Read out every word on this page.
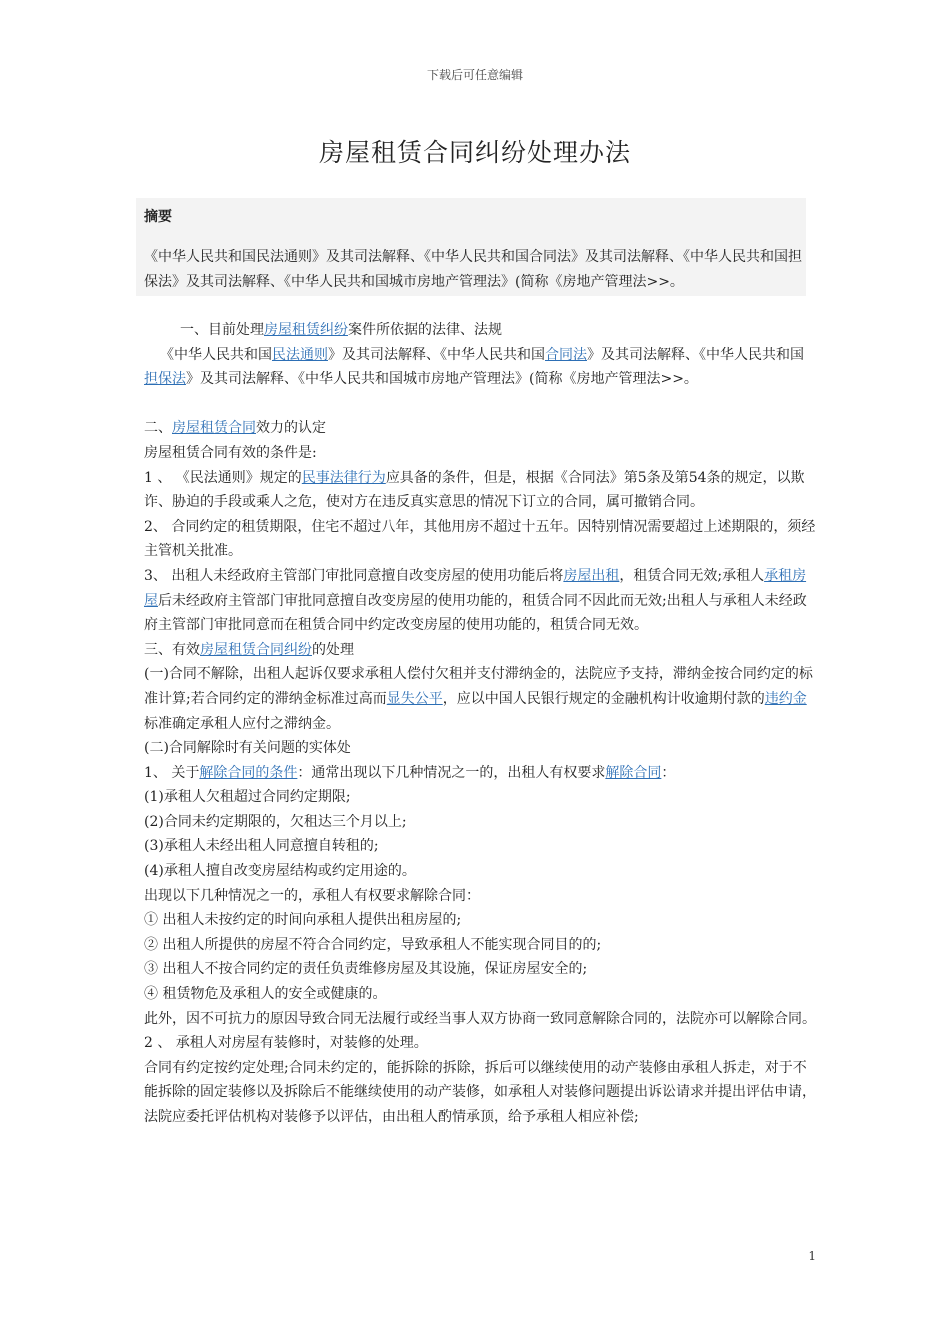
下载后可任意编辑
房屋租赁合同纠纷处理办法
摘要
《中华人民共和国民法通则》及其司法解释、《中华人民共和国合同法》及其司法解释、《中华人民共和国担保法》及其司法解释、《中华人民共和国城市房地产管理法》(简称《房地产管理法>>。

一、目前处理房屋租赁纠纷案件所依据的法律、法规

《中华人民共和国民法通则》及其司法解释、《中华人民共和国合同法》及其司法解释、《中华人民共和国担保法》及其司法解释、《中华人民共和国城市房地产管理法》(简称《房地产管理法>>。

二、房屋租赁合同效力的认定

房屋租赁合同有效的条件是:

1 、 《民法通则》规定的民事法律行为应具备的条件，但是，根据《合同法》第5条及第54条的规定，以欺诈、胁迫的手段或乘人之危，使对方在违反真实意思的情况下订立的合同，属可撤销合同。

2、 合同约定的租赁期限，住宅不超过八年，其他用房不超过十五年。因特别情况需要超过上述期限的，须经主管机关批准。

3、 出租人未经政府主管部门审批同意擅自改变房屋的使用功能后将房屋出租，租赁合同无效;承租人承租房屋后未经政府主管部门审批同意擅自改变房屋的使用功能的，租赁合同不因此而无效;出租人与承租人未经政府主管部门审批同意而在租赁合同中约定改变房屋的使用功能的，租赁合同无效。

三、有效房屋租赁合同纠纷的处理

(一)合同不解除，出租人起诉仅要求承租人偿付欠租并支付滞纳金的，法院应予支持，滞纳金按合同约定的标准计算;若合同约定的滞纳金标准过高而显失公平，应以中国人民银行规定的金融机构计收逾期付款的违约金标准确定承租人应付之滞纳金。

(二)合同解除时有关问题的实体处

1、 关于解除合同的条件：通常出现以下几种情况之一的，出租人有权要求解除合同：

(1)承租人欠租超过合同约定期限;

(2)合同未约定期限的，欠租达三个月以上;

(3)承租人未经出租人同意擅自转租的;

(4)承租人擅自改变房屋结构或约定用途的。

出现以下几种情况之一的，承租人有权要求解除合同：

① 出租人未按约定的时间向承租人提供出租房屋的;

② 出租人所提供的房屋不符合合同约定，导致承租人不能实现合同目的的;

③ 出租人不按合同约定的责任负责维修房屋及其设施，保证房屋安全的;

④ 租赁物危及承租人的安全或健康的。

此外，因不可抗力的原因导致合同无法履行或经当事人双方协商一致同意解除合同的，法院亦可以解除合同。

2 、 承租人对房屋有装修时，对装修的处理。

合同有约定按约定处理;合同未约定的，能拆除的拆除，拆后可以继续使用的动产装修由承租人拆走，对于不能拆除的固定装修以及拆除后不能继续使用的动产装修，如承租人对装修问题提出诉讼请求并提出评估申请，法院应委托评估机构对装修予以评估，由出租人酌情承顶，给予承租人相应补偿;

1
